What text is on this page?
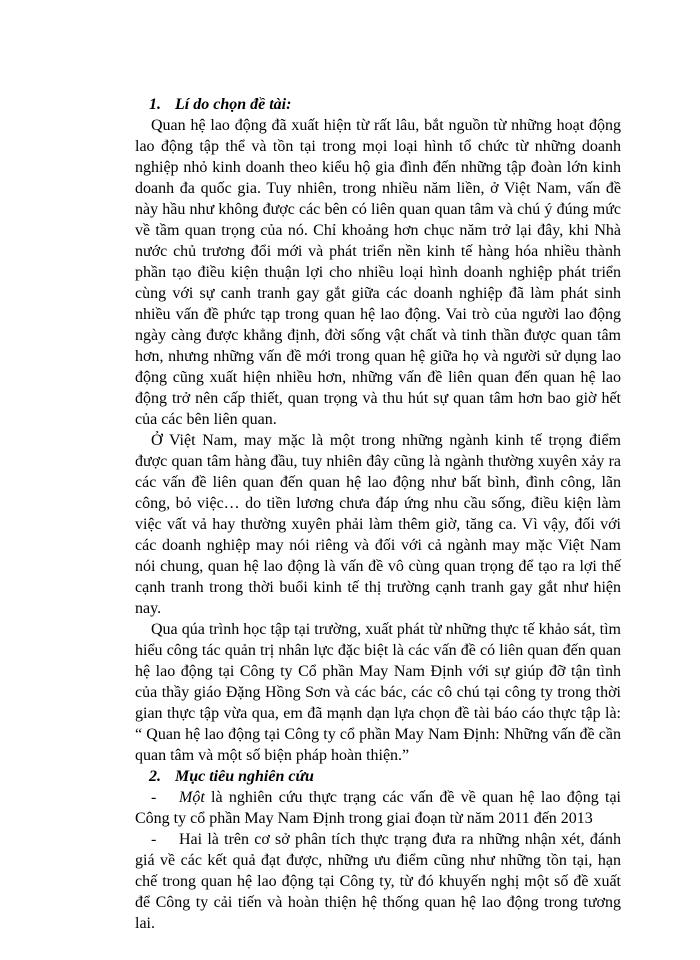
1. Lí do chọn đề tài:

Quan hệ lao động đã xuất hiện từ rất lâu, bắt nguồn từ những hoạt động lao động tập thể và tồn tại trong mọi loại hình tổ chức từ những doanh nghiệp nhỏ kinh doanh theo kiểu hộ gia đình đến những tập đoàn lớn kinh doanh đa quốc gia. Tuy nhiên, trong nhiều năm liền, ở Việt Nam, vấn đề này hầu như không được các bên có liên quan quan tâm và chú ý đúng mức về tầm quan trọng của nó. Chỉ khoảng hơn chục năm trở lại đây, khi Nhà nước chủ trương đổi mới và phát triển nền kinh tế hàng hóa nhiều thành phần tạo điều kiện thuận lợi cho nhiều loại hình doanh nghiệp phát triển cùng với sự canh tranh gay gắt giữa các doanh nghiệp đã làm phát sinh nhiều vấn đề phức tạp trong quan hệ lao động. Vai trò của người lao động ngày càng được khẳng định, đời sống vật chất và tinh thần được quan tâm hơn, nhưng những vấn đề mới trong quan hệ giữa họ và người sử dụng lao động cũng xuất hiện nhiều hơn, những vấn đề liên quan đến quan hệ lao động trở nên cấp thiết, quan trọng và thu hút sự quan tâm hơn bao giờ hết của các bên liên quan.

Ở Việt Nam, may mặc là một trong những ngành kinh tế trọng điểm được quan tâm hàng đầu, tuy nhiên đây cũng là ngành thường xuyên xảy ra các vấn đề liên quan đến quan hệ lao động như bất bình, đình công, lãn công, bỏ việc… do tiền lương chưa đáp ứng nhu cầu sống, điều kiện làm việc vất vả hay thường xuyên phải làm thêm giờ, tăng ca. Vì vậy, đối với các doanh nghiệp may nói riêng và đối với cả ngành may mặc Việt Nam nói chung, quan hệ lao động là vấn đề vô cùng quan trọng để tạo ra lợi thế cạnh tranh trong thời buổi kinh tế thị trường cạnh tranh gay gắt như hiện nay.

Qua qúa trình học tập tại trường, xuất phát từ những thực tế khảo sát, tìm hiểu công tác quản trị nhân lực đặc biệt là các vấn đề có liên quan đến quan hệ lao động tại Công ty Cổ phần May Nam Định với sự giúp đỡ tận tình của thầy giáo Đặng Hồng Sơn và các bác, các cô chú tại công ty trong thời gian thực tập vừa qua, em đã mạnh dạn lựa chọn đề tài báo cáo thực tập là: “ Quan hệ lao động tại Công ty cổ phần May Nam Định: Những vấn đề cần quan tâm và một số biện pháp hoàn thiện.”

2. Mục tiêu nghiên cứu

- Một là nghiên cứu thực trạng các vấn đề về quan hệ lao động tại Công ty cổ phần May Nam Định trong giai đoạn từ năm 2011 đến 2013

- Hai là trên cơ sở phân tích thực trạng đưa ra những nhận xét, đánh giá về các kết quả đạt được, những ưu điểm cũng như những tồn tại, hạn chế trong quan hệ lao động tại Công ty, từ đó khuyến nghị một số đề xuất để Công ty cải tiến và hoàn thiện hệ thống quan hệ lao động trong tương lai.
